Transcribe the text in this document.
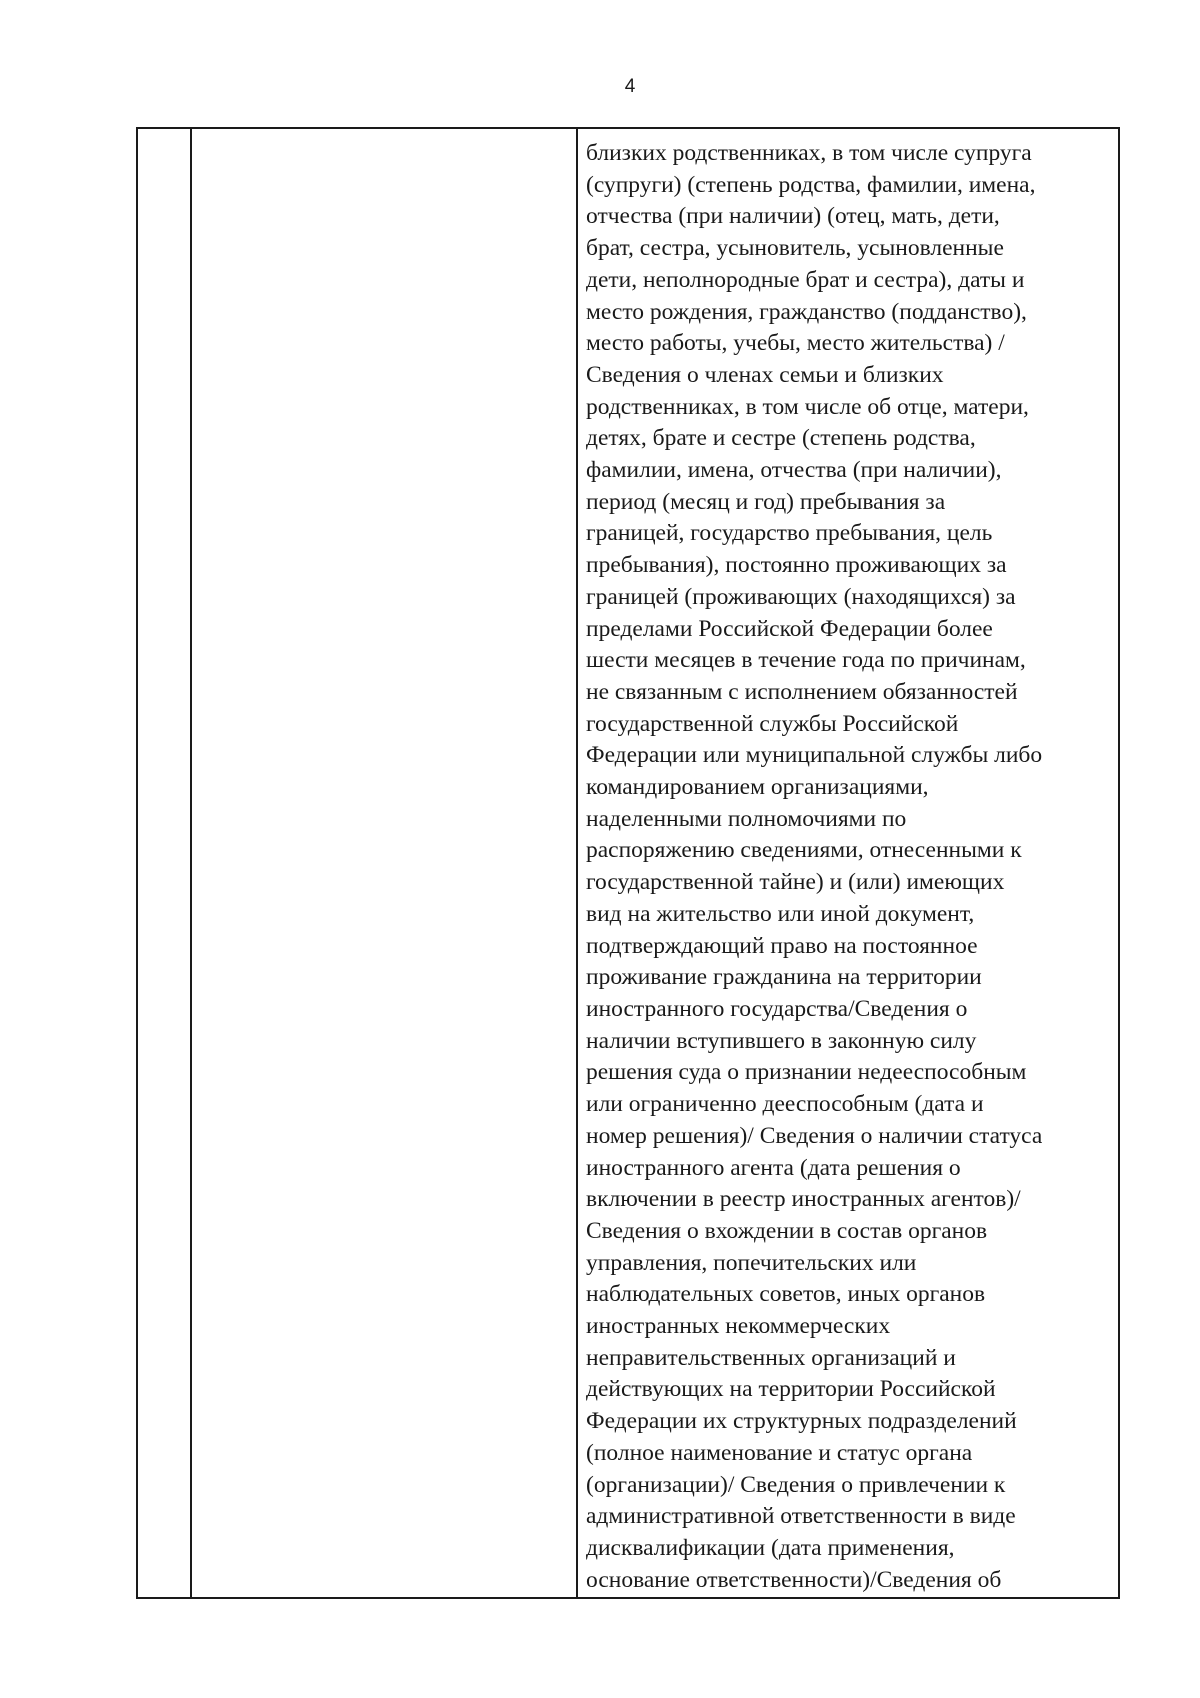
4

близких родственниках, в том числе супруга
(супруги) (степень родства, фамилии, имена,
отчества (при наличии) (отец, мать, дети,
брат, сестра, усыновитель, усыновленные
дети, неполнородные брат и сестра), даты и
место рождения, гражданство (подданство),
место работы, учебы, место жительства) /
Сведения о членах семьи и близких
родственниках, в том числе об отце, матери,
детях, брате и сестре (степень родства,
фамилии, имена, отчества (при наличии),
период (месяц и год) пребывания за
границей, государство пребывания, цель
пребывания), постоянно проживающих за
границей (проживающих (находящихся) за
пределами Российской Федерации более
шести месяцев в течение года по причинам,
не связанным с исполнением обязанностей
государственной службы Российской
Федерации или муниципальной службы либо
командированием организациями,
наделенными полномочиями по
распоряжению сведениями, отнесенными к
государственной тайне) и (или) имеющих
вид на жительство или иной документ,
подтверждающий право на постоянное
проживание гражданина на территории
иностранного государства/Сведения о
наличии вступившего в законную силу
решения суда о признании недееспособным
или ограниченно дееспособным (дата и
номер решения)/ Сведения о наличии статуса
иностранного агента (дата решения о
включении в реестр иностранных агентов)/
Сведения о вхождении в состав органов
управления, попечительских или
наблюдательных советов, иных органов
иностранных некоммерческих
неправительственных организаций и
действующих на территории Российской
Федерации их структурных подразделений
(полное наименование и статус органа
(организации)/ Сведения о привлечении к
административной ответственности в виде
дисквалификации (дата применения,
основание ответственности)/Сведения об
